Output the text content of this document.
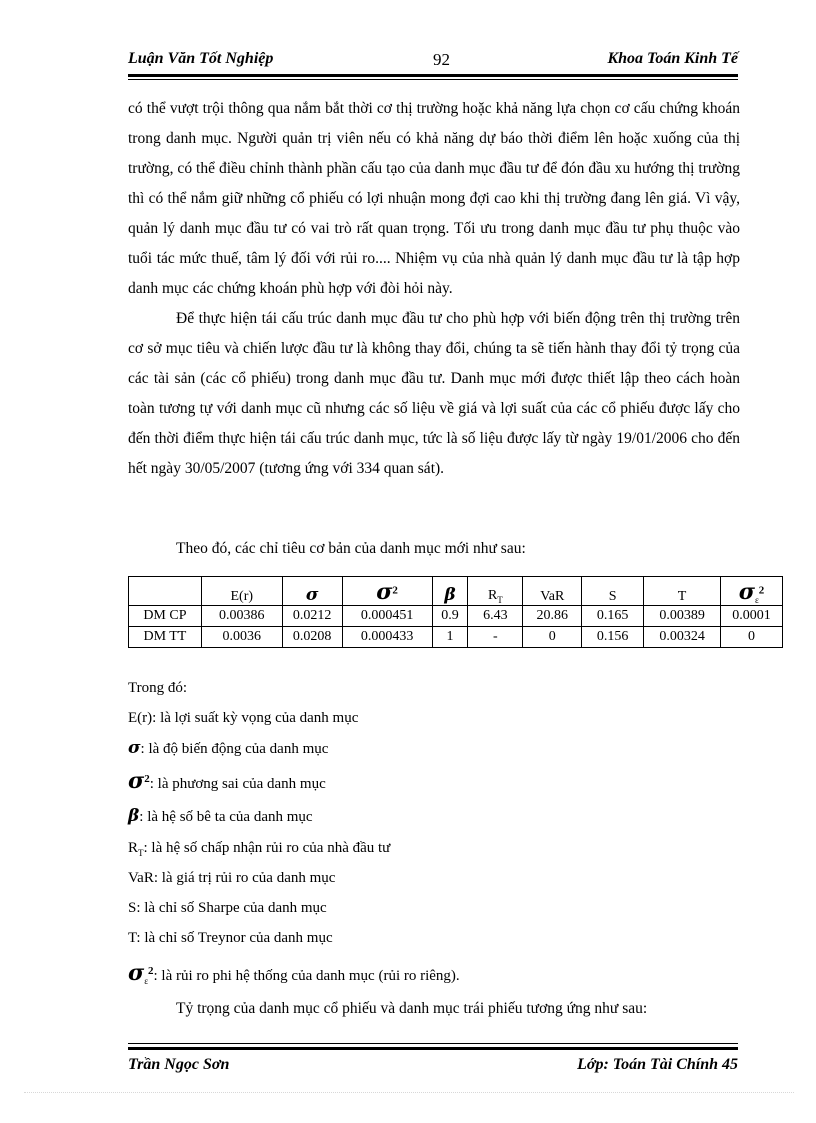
Luận Văn Tốt Nghiệp	92	Khoa Toán Kinh Tế

có thể vượt trội thông qua nắm bắt thời cơ thị trường hoặc khả năng lựa chọn cơ cấu chứng khoán trong danh mục. Người quản trị viên nếu có khả năng dự báo thời điểm lên hoặc xuống của thị trường, có thể điều chỉnh thành phần cấu tạo của danh mục đầu tư để đón đầu xu hướng thị trường thì có thể nắm giữ những cổ phiếu có lợi nhuận mong đợi cao khi thị trường đang lên giá. Vì vậy, quản lý danh mục đầu tư có vai trò rất quan trọng. Tối ưu trong danh mục đầu tư phụ thuộc vào tuổi tác mức thuế, tâm lý đối với rủi ro.... Nhiệm vụ của nhà quản lý danh mục đầu tư là tập hợp danh mục các chứng khoán phù hợp với đòi hỏi này.

Để thực hiện tái cấu trúc danh mục đầu tư cho phù hợp với biến động trên thị trường trên cơ sở mục tiêu và chiến lược đầu tư là không thay đổi, chúng ta sẽ tiến hành thay đổi tỷ trọng của các tài sản (các cổ phiếu) trong danh mục đầu tư. Danh mục mới được thiết lập theo cách hoàn toàn tương tự với danh mục cũ nhưng các số liệu về giá và lợi suất của các cổ phiếu được lấy cho đến thời điểm thực hiện tái cấu trúc danh mục, tức là số liệu được lấy từ ngày 19/01/2006 cho đến hết ngày 30/05/2007 (tương ứng với 334 quan sát).

Theo đó, các chỉ tiêu cơ bản của danh mục mới như sau:
	E(r)	σ	$\sigma^2$	β	$R_T$	VaR	S	T	$\sigma_\varepsilon^2$
DM CP	0.00386	0.0212	0.000451	0.9	6.43	20.86	0.165	0.00389	0.0001
DM TT	0.0036	0.0208	0.000433	1	-	0	0.156	0.00324	0
Trong đó:
E(r): là lợi suất kỳ vọng của danh mục
σ: là độ biến động của danh mục
$\sigma^2$: là phương sai của danh mục
β: là hệ số bê ta của danh mục
$R_T$: là hệ số chấp nhận rủi ro của nhà đầu tư
VaR: là giá trị rủi ro của danh mục
S: là chỉ số Sharpe của danh mục
T: là chỉ số Treynor của danh mục
$\sigma_\varepsilon^2$: là rủi ro phi hệ thống của danh mục (rủi ro riêng).
Tỷ trọng của danh mục cổ phiếu và danh mục trái phiếu tương ứng như sau:
Trần Ngọc Sơn	Lớp: Toán Tài Chính 45
